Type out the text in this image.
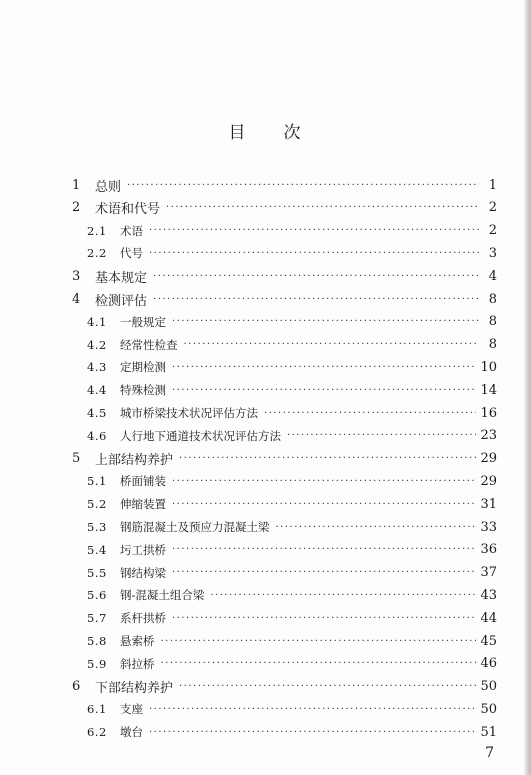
目 次
1	总则 ·····	1
2	术语和代号 ·····	2
2.1	术语 ·····	2
2.2	代号 ·····	3
3	基本规定 ·····	4
4	检测评估 ·····	8
4.1	一般规定 ·····	8
4.2	经常性检查 ·····	8
4.3	定期检测 ·····	10
4.4	特殊检测 ·····	14
4.5	城市桥梁技术状况评估方法 ·····	16
4.6	人行地下通道技术状况评估方法 ·····	23
5	上部结构养护 ·····	29
5.1	桥面铺装 ·····	29
5.2	伸缩装置 ·····	31
5.3	钢筋混凝土及预应力混凝土梁 ·····	33
5.4	圬工拱桥 ·····	36
5.5	钢结构梁 ·····	37
5.6	钢-混凝土组合梁 ·····	43
5.7	系杆拱桥 ·····	44
5.8	悬索桥 ·····	45
5.9	斜拉桥 ·····	46
6	下部结构养护 ·····	50
6.1	支座 ·····	50
6.2	墩台 ·····	51
7
